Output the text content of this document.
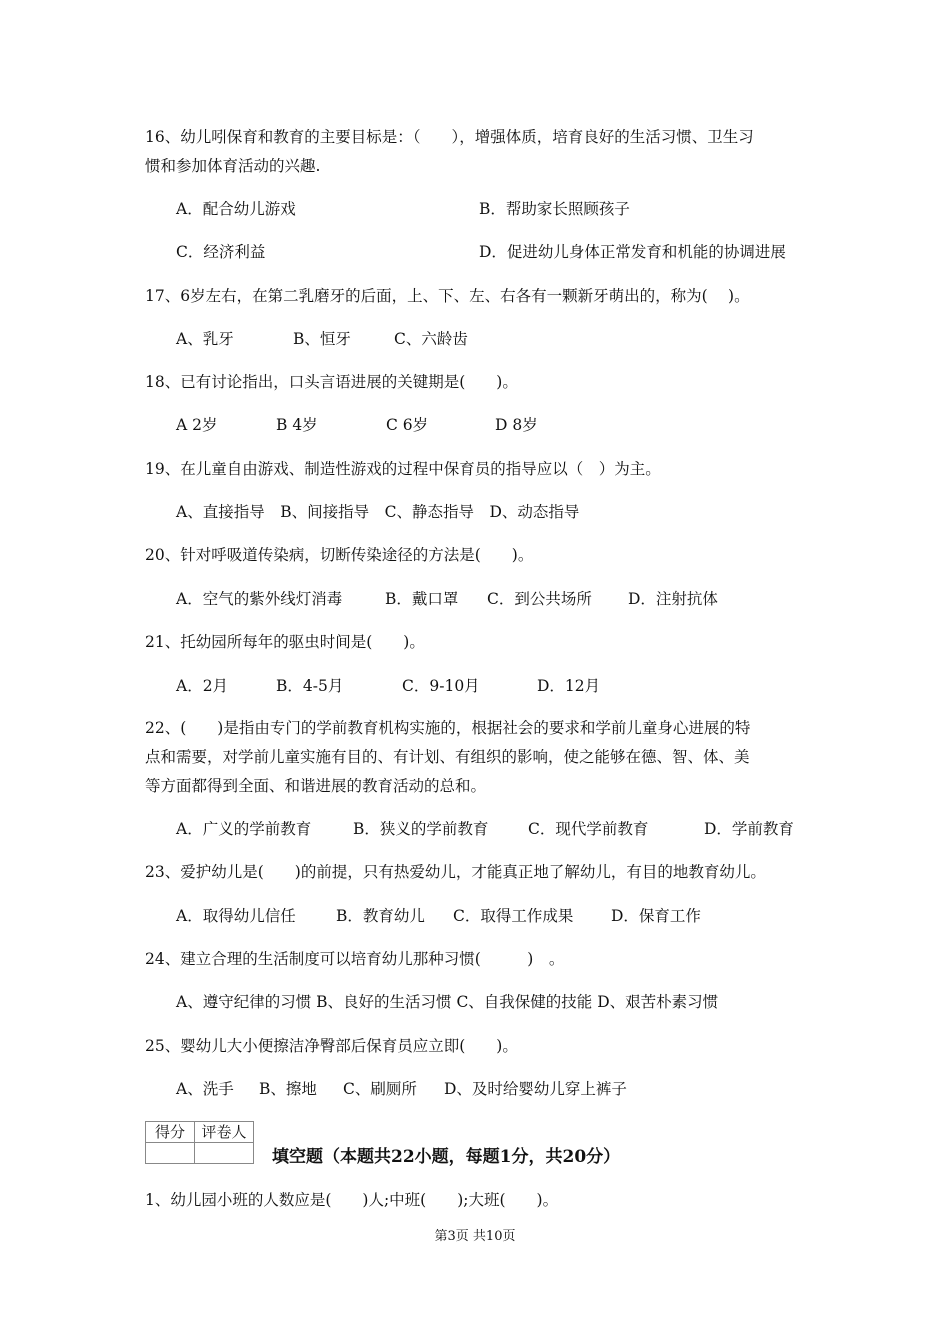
16、幼儿吲保育和教育的主要目标是：（　　），增强体质，培育良好的生活习惯、卫生习
惯和参加体育活动的兴趣.
A．配合幼儿游戏	B．帮助家长照顾孩子
C．经济利益	D．促进幼儿身体正常发育和机能的协调进展
17、6岁左右，在第二乳磨牙的后面，上、下、左、右各有一颗新牙萌出的，称为(　 )。
A、乳牙	B、恒牙	C、六龄齿
18、已有讨论指出，口头言语进展的关键期是(　　)。
A 2岁	B 4岁	C 6岁	D 8岁
19、在儿童自由游戏、制造性游戏的过程中保育员的指导应以（　）为主。
A、直接指导　B、间接指导　C、静态指导　D、动态指导
20、针对呼吸道传染病，切断传染途径的方法是(　　)。
A．空气的紫外线灯消毒	B．戴口罩 C．到公共场所 D．注射抗体
21、托幼园所每年的驱虫时间是(　　)。
A．2月	B．4-5月	C．9-10月	D．12月
22、(　　)是指由专门的学前教育机构实施的，根据社会的要求和学前儿童身心进展的特
点和需要，对学前儿童实施有目的、有计划、有组织的影响，使之能够在德、智、体、美
等方面都得到全面、和谐进展的教育活动的总和。
A．广义的学前教育	B．狭义的学前教育	C．现代学前教育	D．学前教育
23、爱护幼儿是(　　)的前提，只有热爱幼儿，才能真正地了解幼儿，有目的地教育幼儿。
A．取得幼儿信任	B．教育幼儿 C．取得工作成果 D．保育工作
24、建立合理的生活制度可以培育幼儿那种习惯(　　　)　。
A、遵守纪律的习惯 B、良好的生活习惯 C、自我保健的技能 D、艰苦朴素习惯
25、婴幼儿大小便擦洁净臀部后保育员应立即(　　)。
A、洗手 B、擦地 C、刷厕所 D、及时给婴幼儿穿上裤子
得分	评卷人

填空题（本题共22小题，每题1分，共20分）
1、幼儿园小班的人数应是(　　)人;中班(　　);大班(　　)。
第3页 共10页
